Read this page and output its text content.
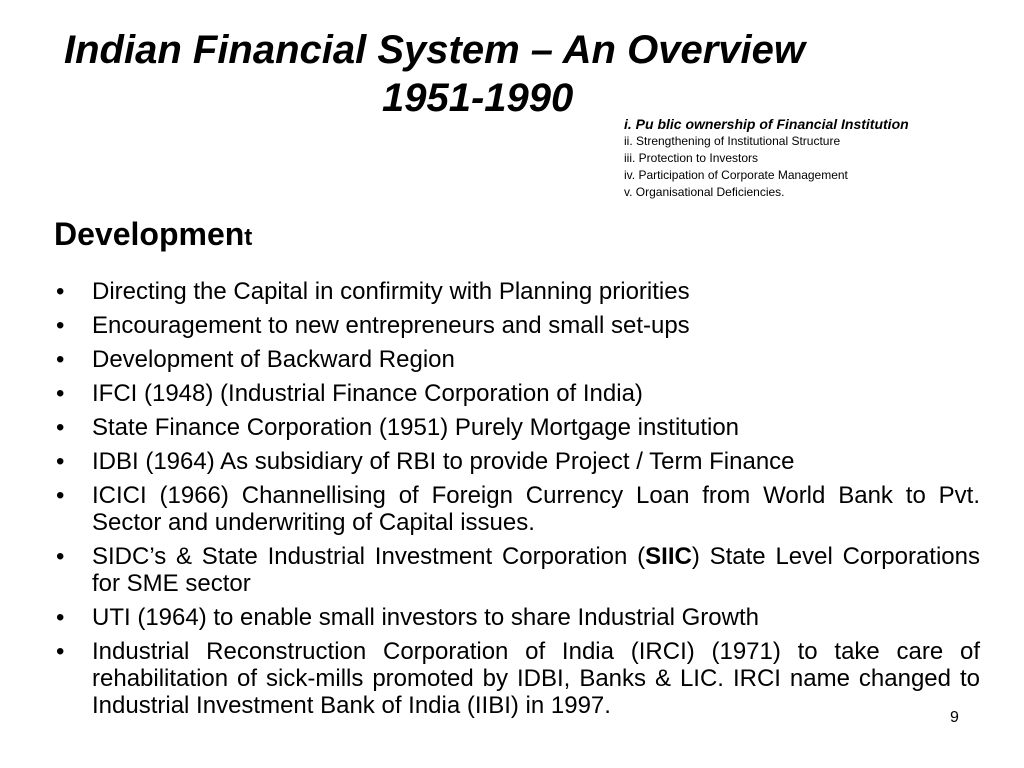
Indian Financial System – An Overview
1951-1990
i. Pu blic ownership of Financial Institution
ii. Strengthening of Institutional Structure
iii. Protection to Investors
iv. Participation of Corporate Management
v. Organisational Deficiencies.
Development
• Directing the Capital in confirmity with Planning priorities
• Encouragement to new entrepreneurs and small set-ups
• Development of Backward Region
• IFCI (1948) (Industrial Finance Corporation of India)
• State Finance Corporation (1951) Purely Mortgage institution
• IDBI (1964) As subsidiary of RBI to provide Project / Term Finance
• ICICI (1966) Channellising of Foreign Currency Loan from World Bank to Pvt. Sector and underwriting of Capital issues.
• SIDC’s & State Industrial Investment Corporation (SIIC) State Level Corporations for SME sector
• UTI (1964) to enable small investors to share Industrial Growth
• Industrial Reconstruction Corporation of India (IRCI) (1971) to take care of rehabilitation of sick-mills promoted by IDBI, Banks & LIC. IRCI name changed to Industrial Investment Bank of India (IIBI) in 1997.	9
